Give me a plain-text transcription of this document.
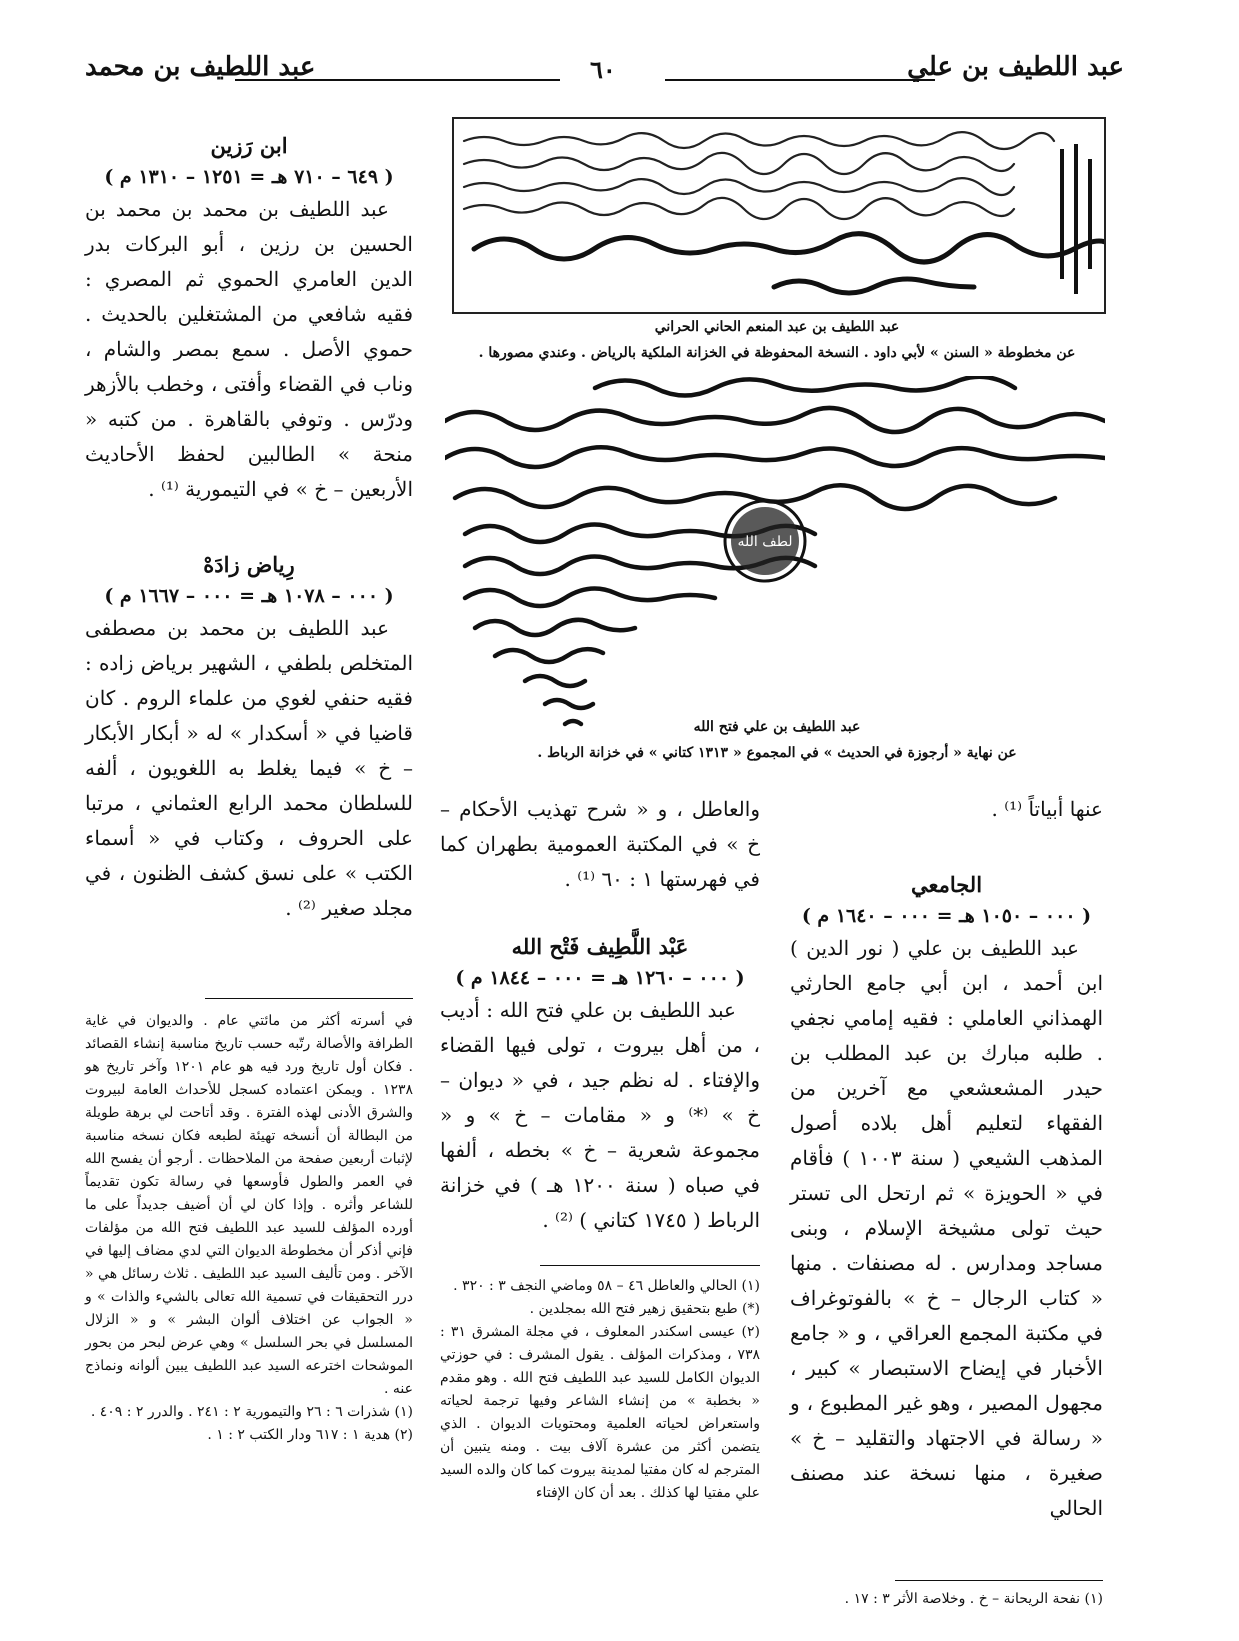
عبد اللطيف بن علي
٦٠
عبد اللطيف بن محمد
عبد اللطيف بن عبد المنعم الحاني الحراني
عن مخطوطة « السنن » لأبي داود . النسخة المحفوظة في الخزانة الملكية بالرياض . وعندي مصورها .
لطف الله
عبد اللطيف بن علي فتح الله
عن نهاية « أرجوزة في الحديث » في المجموع « ١٣١٣ كتاني » في خزانة الرباط .

ابن رَزين

( ٦٤٩ – ٧١٠ هـ = ١٢٥١ – ١٣١٠ م )

عبد اللطيف بن محمد بن محمد بن الحسين بن رزين ، أبو البركات بدر الدين العامري الحموي ثم المصري : فقيه شافعي من المشتغلين بالحديث . حموي الأصل . سمع بمصر والشام ، وناب في القضاء وأفتى ، وخطب بالأزهر ودرّس . وتوفي بالقاهرة . من كتبه « منحة » الطالبين لحفظ الأحاديث الأربعين – خ » في التيمورية ⁽¹⁾ .

رِياض زادَهْ

( ٠٠٠ – ١٠٧٨ هـ = ٠٠٠ – ١٦٦٧ م )

عبد اللطيف بن محمد بن مصطفى المتخلص بلطفي ، الشهير برياض زاده : فقيه حنفي لغوي من علماء الروم . كان قاضيا في « أسكدار » له « أبكار الأبكار – خ » فيما يغلط به اللغويون ، ألفه للسلطان محمد الرابع العثماني ، مرتبا على الحروف ، وكتاب في « أسماء الكتب » على نسق كشف الظنون ، في مجلد صغير ⁽²⁾ .

في أسرته أكثر من مائتي عام . والديوان في غاية الطرافة والأصالة رتّبه حسب تاريخ مناسبة إنشاء القصائد . فكان أول تاريخ ورد فيه هو عام ١٢٠١ وآخر تاريخ هو ١٢٣٨ . ويمكن اعتماده كسجل للأحداث العامة لبيروت والشرق الأدنى لهذه الفترة . وقد أتاحت لي برهة طويلة من البطالة أن أنسخه تهيئة لطبعه فكان نسخه مناسبة لإثبات أربعين صفحة من الملاحظات . أرجو أن يفسح الله في العمر والطول فأوسعها في رسالة تكون تقديماً للشاعر وأثره . وإذا كان لي أن أضيف جديداً على ما أورده المؤلف للسيد عبد اللطيف فتح الله من مؤلفات فإني أذكر أن مخطوطة الديوان التي لدي مضاف إليها في الآخر . ومن تأليف السيد عبد اللطيف . ثلاث رسائل هي « درر التحقيقات في تسمية الله تعالى بالشيء والذات » و « الجواب عن اختلاف ألوان البشر » و « الزلال المسلسل في بحر السلسل » وهي عرض لبحر من بحور الموشحات اخترعه السيد عبد اللطيف يبين ألوانه ونماذج عنه .

(١) شذرات ٦ : ٢٦ والتيمورية ٢ : ٢٤١ . والدرر ٢ : ٤٠٩ .

(٢) هدية ١ : ٦١٧ ودار الكتب ٢ : ١ .

والعاطل ، و « شرح تهذيب الأحكام – خ » في المكتبة العمومية بطهران كما في فهرستها ١ : ٦٠ ⁽¹⁾ .

عَبْد اللَّطِيف فَتْح الله

( ٠٠٠ – ١٢٦٠ هـ = ٠٠٠ – ١٨٤٤ م )

عبد اللطيف بن علي فتح الله : أديب ، من أهل بيروت ، تولى فيها القضاء والإفتاء . له نظم جيد ، في « ديوان – خ » ⁽*⁾ و « مقامات – خ » و « مجموعة شعرية – خ » بخطه ، ألفها في صباه ( سنة ١٢٠٠ هـ ) في خزانة الرباط ( ١٧٤٥ كتاني ) ⁽²⁾ .

(١) الحالي والعاطل ٤٦ – ٥٨ وماضي النجف ٣ : ٣٢٠ .

(*) طبع بتحقيق زهير فتح الله بمجلدين .

(٢) عيسى اسكندر المعلوف ، في مجلة المشرق ٣١ : ٧٣٨ ، ومذكرات المؤلف . يقول المشرف : في حوزتي الديوان الكامل للسيد عبد اللطيف فتح الله . وهو مقدم « بخطبة » من إنشاء الشاعر وفيها ترجمة لحياته واستعراض لحياته العلمية ومحتويات الديوان . الذي يتضمن أكثر من عشرة آلاف بيت . ومنه يتبين أن المترجم له كان مفتيا لمدينة بيروت كما كان والده السيد علي مفتيا لها كذلك . بعد أن كان الإفتاء

عنها أبياتاً ⁽¹⁾ .

الجامعي

( ٠٠٠ – ١٠٥٠ هـ = ٠٠٠ – ١٦٤٠ م )

عبد اللطيف بن علي ( نور الدين ) ابن أحمد ، ابن أبي جامع الحارثي الهمذاني العاملي : فقيه إمامي نجفي . طلبه مبارك بن عبد المطلب بن حيدر المشعشعي مع آخرين من الفقهاء لتعليم أهل بلاده أصول المذهب الشيعي ( سنة ١٠٠٣ ) فأقام في « الحويزة » ثم ارتحل الى تستر حيث تولى مشيخة الإسلام ، وبنى مساجد ومدارس . له مصنفات . منها « كتاب الرجال – خ » بالفوتوغراف في مكتبة المجمع العراقي ، و « جامع الأخبار في إيضاح الاستبصار » كبير ، مجهول المصير ، وهو غير المطبوع ، و « رسالة في الاجتهاد والتقليد – خ » صغيرة ، منها نسخة عند مصنف الحالي

(١) نفحة الريحانة – خ . وخلاصة الأثر ٣ : ١٧ .
